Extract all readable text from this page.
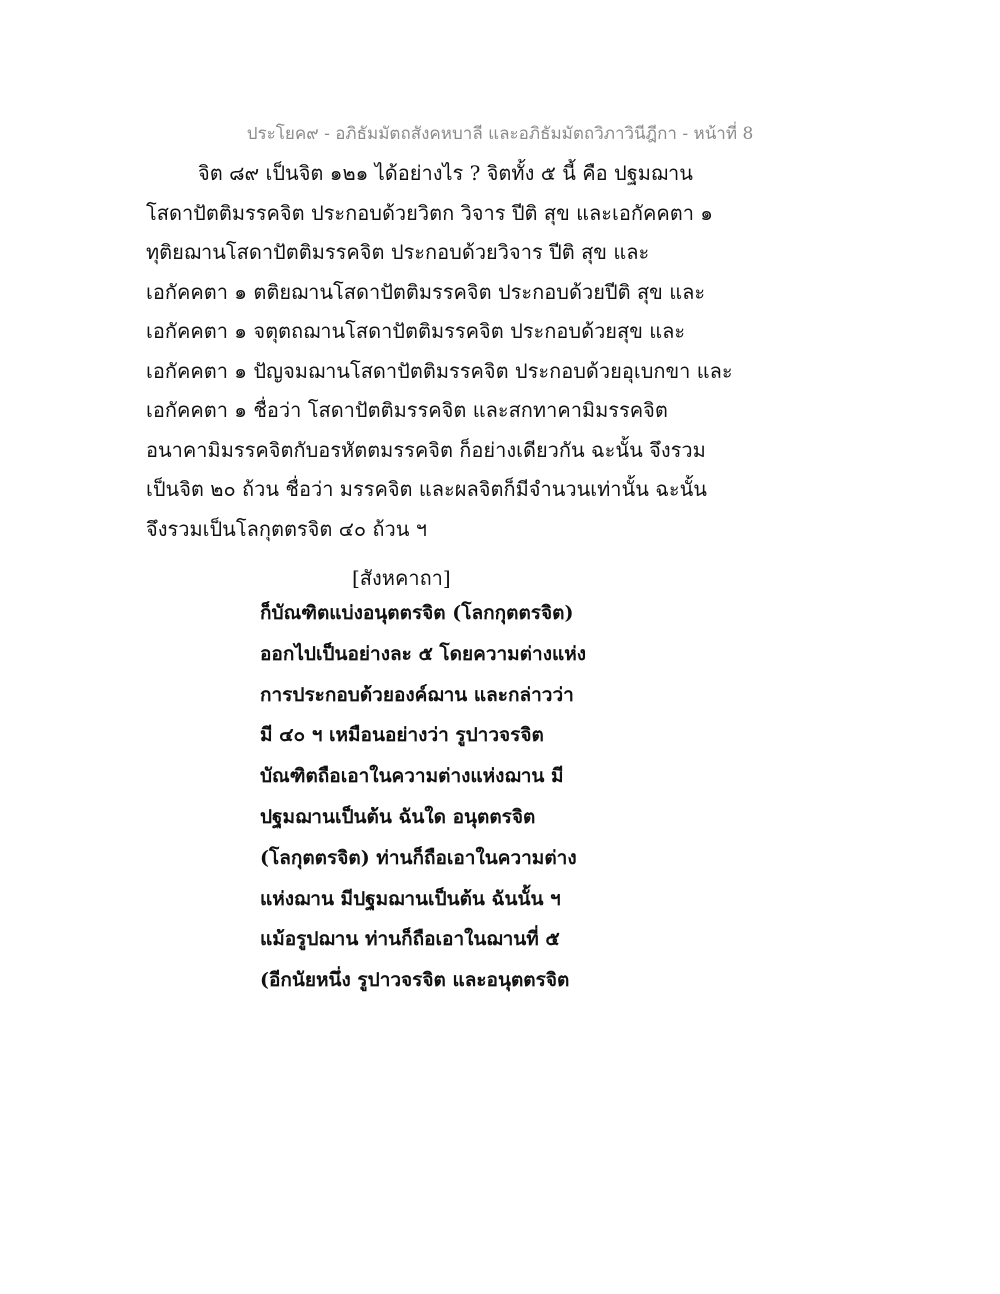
ประโยค๙ - อภิธัมมัตถสังคหบาลี และอภิธัมมัตถวิภาวินีฎีกา - หน้าที่ 8
จิต ๘๙ เป็นจิต ๑๒๑ ได้อย่างไร ? จิตทั้ง ๕ นี้ คือ ปฐมฌาน
โสดาปัตติมรรคจิต ประกอบด้วยวิตก วิจาร ปีติ สุข และเอกัคคตา ๑
ทุติยฌานโสดาปัตติมรรคจิต ประกอบด้วยวิจาร ปีติ สุข และ
เอกัคคตา ๑ ตติยฌานโสดาปัตติมรรคจิต ประกอบด้วยปีติ สุข และ
เอกัคคตา ๑ จตุตถฌานโสดาปัตติมรรคจิต ประกอบด้วยสุข และ
เอกัคคตา ๑ ปัญจมฌานโสดาปัตติมรรคจิต ประกอบด้วยอุเบกขา และ
เอกัคคตา ๑ ชื่อว่า โสดาปัตติมรรคจิต และสกทาคามิมรรคจิต
อนาคามิมรรคจิตกับอรหัตตมรรคจิต ก็อย่างเดียวกัน ฉะนั้น จึงรวม
เป็นจิต ๒๐ ถ้วน ชื่อว่า มรรคจิต และผลจิตก็มีจำนวนเท่านั้น ฉะนั้น
จึงรวมเป็นโลกุตตรจิต ๔๐ ถ้วน ฯ
[สังหคาถา]
ก็บัณฑิตแบ่งอนุตตรจิต (โลกกุตตรจิต)
ออกไปเป็นอย่างละ ๕ โดยความต่างแห่ง
การประกอบด้วยองค์ฌาน และกล่าวว่า
มี ๔๐ ฯ เหมือนอย่างว่า รูปาวจรจิต
บัณฑิตถือเอาในความต่างแห่งฌาน มี
ปฐมฌานเป็นต้น ฉันใด อนุตตรจิต
(โลกุตตรจิต) ท่านก็ถือเอาในความต่าง
แห่งฌาน มีปฐมฌานเป็นต้น ฉันนั้น ฯ
แม้อรูปฌาน ท่านก็ถือเอาในฌานที่ ๕
(อีกนัยหนึ่ง รูปาวจรจิต และอนุตตรจิต
